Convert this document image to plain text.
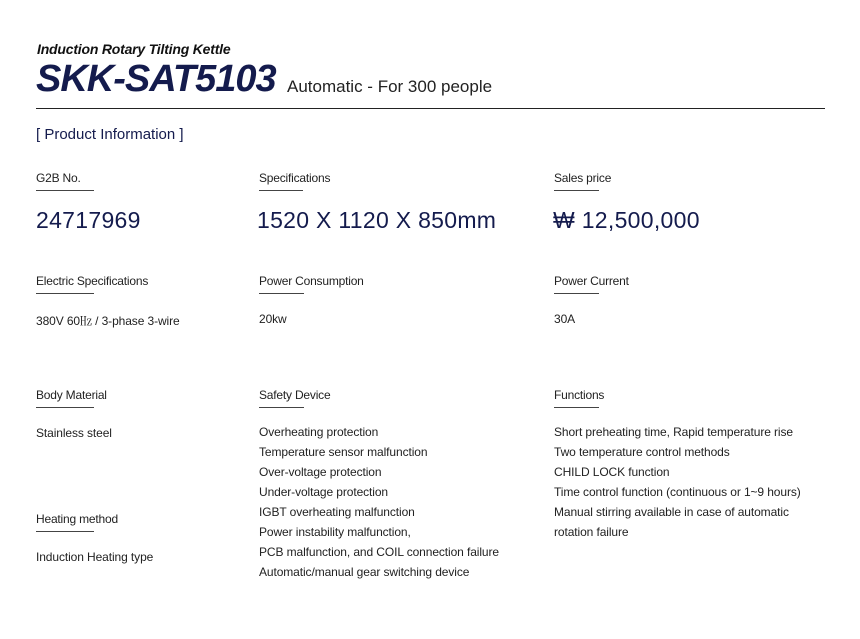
Induction Rotary Tilting Kettle
SKK-SAT5103 Automatic - For 300 people
[ Product Information ]
G2B No.
24717969
Specifications
1520 X 1120 X 850mm
Sales price
₩ 12,500,000
Electric Specifications
380V 60㎐ / 3-phase 3-wire
Power Consumption
20kw
Power Current
30A
Body Material
Stainless steel
Heating method
Induction Heating type
Safety Device
Overheating protection
Temperature sensor malfunction
Over-voltage protection
Under-voltage protection
IGBT overheating malfunction
Power instability malfunction,
PCB malfunction, and COIL connection failure
Automatic/manual gear switching device
Functions
Short preheating time, Rapid temperature rise
Two temperature control methods
CHILD LOCK function
Time control function (continuous or 1~9 hours)
Manual stirring available in case of automatic
rotation failure
